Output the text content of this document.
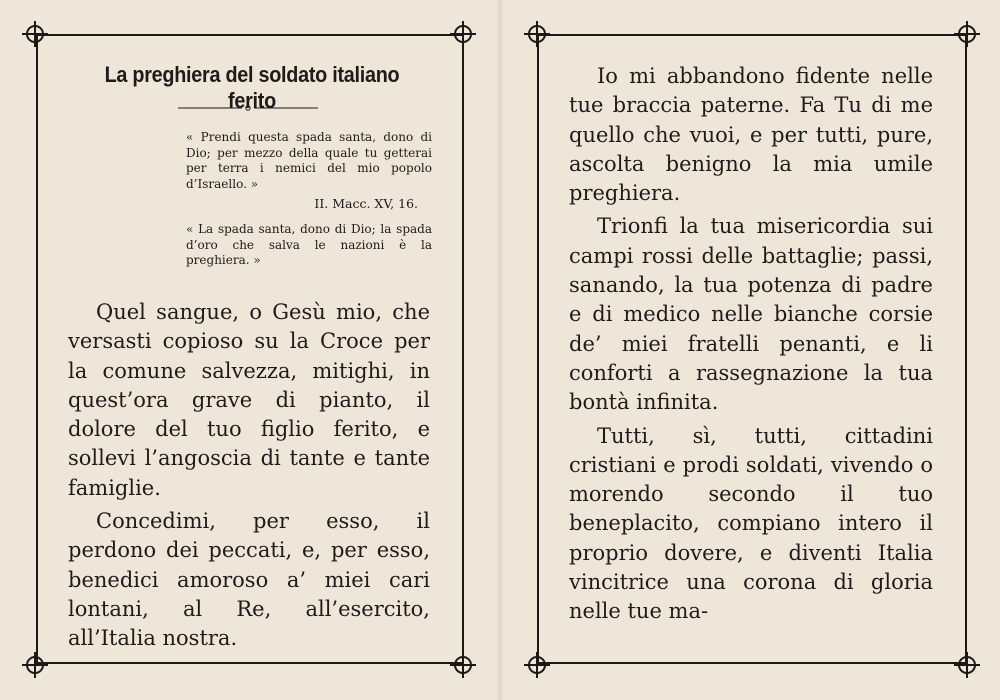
La preghiera del soldato italiano ferito

« Prendi questa spada santa, dono di Dio; per mezzo della quale tu getterai per terra i nemici del mio popolo d’Israello. »

II. Macc. XV, 16.

« La spada santa, dono di Dio; la spada d’oro che salva le nazioni è la preghiera. »

Quel sangue, o Gesù mio, che versasti copioso su la Croce per la comune salvezza, mitighi, in quest’ora grave di pianto, il dolore del tuo figlio ferito, e sollevi l’angoscia di tante e tante famiglie.

Concedimi, per esso, il perdono dei peccati, e, per esso, benedici amoroso a’ miei cari lontani, al Re, all’esercito, all’Italia nostra.

Io mi abbandono fidente nelle tue braccia paterne. Fa Tu di me quello che vuoi, e per tutti, pure, ascolta benigno la mia umile preghiera.

Trionfi la tua misericordia sui campi rossi delle battaglie; passi, sanando, la tua potenza di padre e di medico nelle bianche corsie de’ miei fratelli penanti, e li conforti a rassegnazione la tua bontà infinita.

Tutti, sì, tutti, cittadini cristiani e prodi soldati, vivendo o morendo secondo il tuo beneplacito, compiano intero il proprio dovere, e diventi Italia vincitrice una corona di gloria nelle tue ma-
